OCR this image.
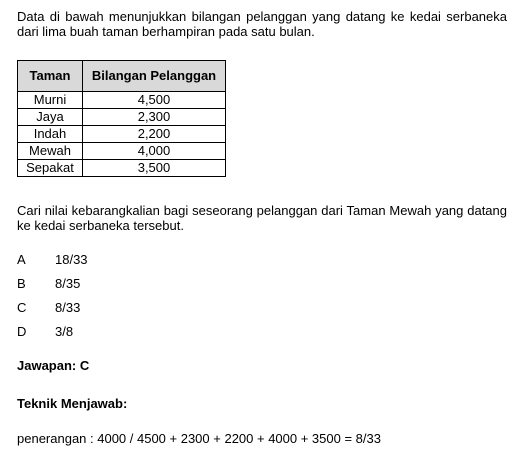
Data di bawah menunjukkan bilangan pelanggan yang datang ke kedai serbaneka dari lima buah taman berhampiran pada satu bulan.

Taman	Bilangan Pelanggan
Murni	4,500
Jaya	2,300
Indah	2,200
Mewah	4,000
Sepakat	3,500

Cari nilai kebarangkalian bagi seseorang pelanggan dari Taman Mewah yang datang ke kedai serbaneka tersebut.

A	18/33
B	8/35
C	8/33
D	3/8

Jawapan: C

Teknik Menjawab:

penerangan : 4000 / 4500 + 2300 + 2200 + 4000 + 3500 = 8/33
